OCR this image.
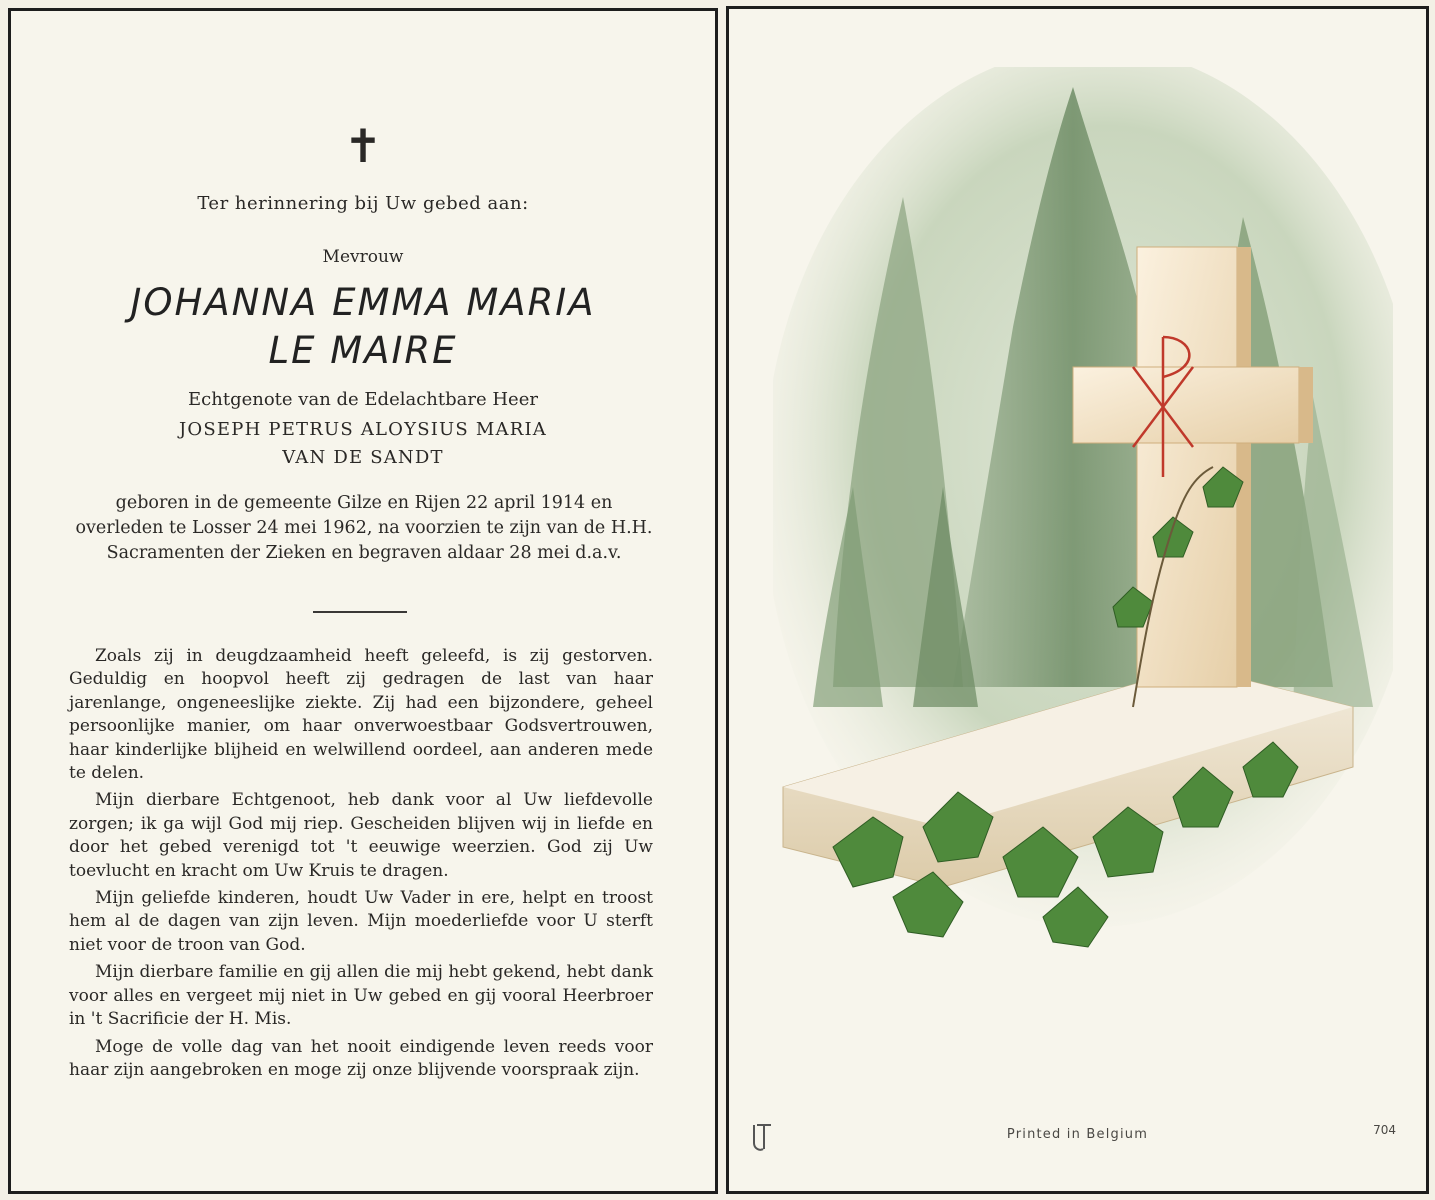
✝
Ter herinnering bij Uw gebed aan:
Mevrouw
JOHANNA EMMA MARIA
LE MAIRE
Echtgenote van de Edelachtbare Heer
JOSEPH PETRUS ALOYSIUS MARIA
VAN DE SANDT
geboren in de gemeente Gilze en Rijen 22 april 1914 en overleden te Losser 24 mei 1962, na voorzien te zijn van de H.H. Sacramenten der Zieken en begraven aldaar 28 mei d.a.v.

Zoals zij in deugdzaamheid heeft geleefd, is zij gestorven. Geduldig en hoopvol heeft zij gedragen de last van haar jarenlange, ongeneeslijke ziekte. Zij had een bijzondere, geheel persoonlijke manier, om haar onverwoestbaar Godsvertrouwen, haar kinderlijke blijheid en welwillend oordeel, aan anderen mede te delen.

Mijn dierbare Echtgenoot, heb dank voor al Uw liefdevolle zorgen; ik ga wijl God mij riep. Gescheiden blijven wij in liefde en door het gebed verenigd tot 't eeuwige weerzien. God zij Uw toevlucht en kracht om Uw Kruis te dragen.

Mijn geliefde kinderen, houdt Uw Vader in ere, helpt en troost hem al de dagen van zijn leven. Mijn moederliefde voor U sterft niet voor de troon van God.

Mijn dierbare familie en gij allen die mij hebt gekend, hebt dank voor alles en vergeet mij niet in Uw gebed en gij vooral Heerbroer in 't Sacrificie der H. Mis.

Moge de volle dag van het nooit eindigende leven reeds voor haar zijn aangebroken en moge zij onze blijvende voorspraak zijn.

Printed in Belgium	704
